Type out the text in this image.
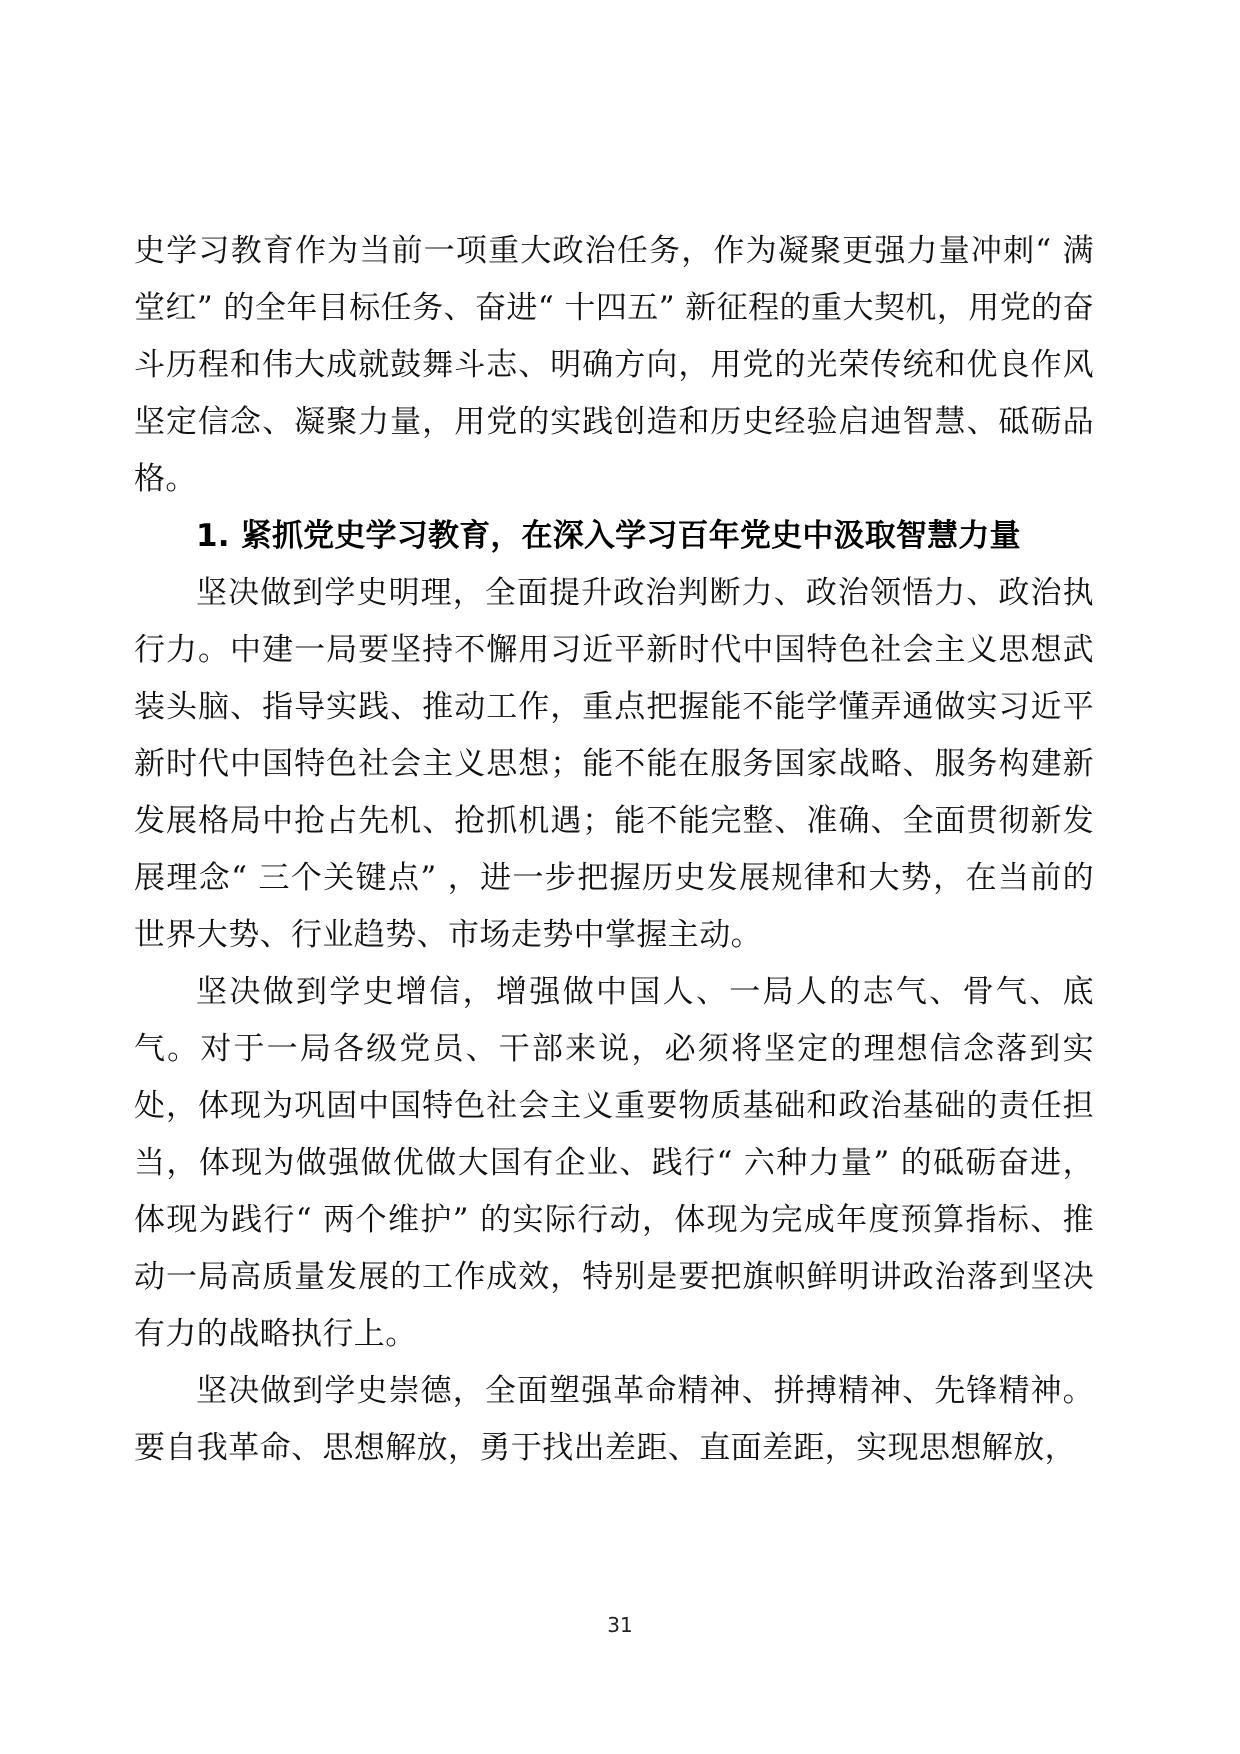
史学习教育作为当前一项重大政治任务，作为凝聚更强力量冲刺“ 满堂红” 的全年目标任务、奋进“ 十四五” 新征程的重大契机，用党的奋斗历程和伟大成就鼓舞斗志、明确方向，用党的光荣传统和优良作风坚定信念、凝聚力量，用党的实践创造和历史经验启迪智慧、砥砺品格。

1. 紧抓党史学习教育，在深入学习百年党史中汲取智慧力量

坚决做到学史明理，全面提升政治判断力、政治领悟力、政治执行力。中建一局要坚持不懈用习近平新时代中国特色社会主义思想武装头脑、指导实践、推动工作，重点把握能不能学懂弄通做实习近平新时代中国特色社会主义思想；能不能在服务国家战略、服务构建新发展格局中抢占先机、抢抓机遇；能不能完整、准确、全面贯彻新发展理念“ 三个关键点” ，进一步把握历史发展规律和大势，在当前的世界大势、行业趋势、市场走势中掌握主动。

坚决做到学史增信，增强做中国人、一局人的志气、骨气、底气。对于一局各级党员、干部来说，必须将坚定的理想信念落到实处，体现为巩固中国特色社会主义重要物质基础和政治基础的责任担当，体现为做强做优做大国有企业、践行“ 六种力量” 的砥砺奋进，体现为践行“ 两个维护” 的实际行动，体现为完成年度预算指标、推动一局高质量发展的工作成效，特别是要把旗帜鲜明讲政治落到坚决有力的战略执行上。

坚决做到学史崇德，全面塑强革命精神、拼搏精神、先锋精神。要自我革命、思想解放，勇于找出差距、直面差距，实现思想解放，

31
